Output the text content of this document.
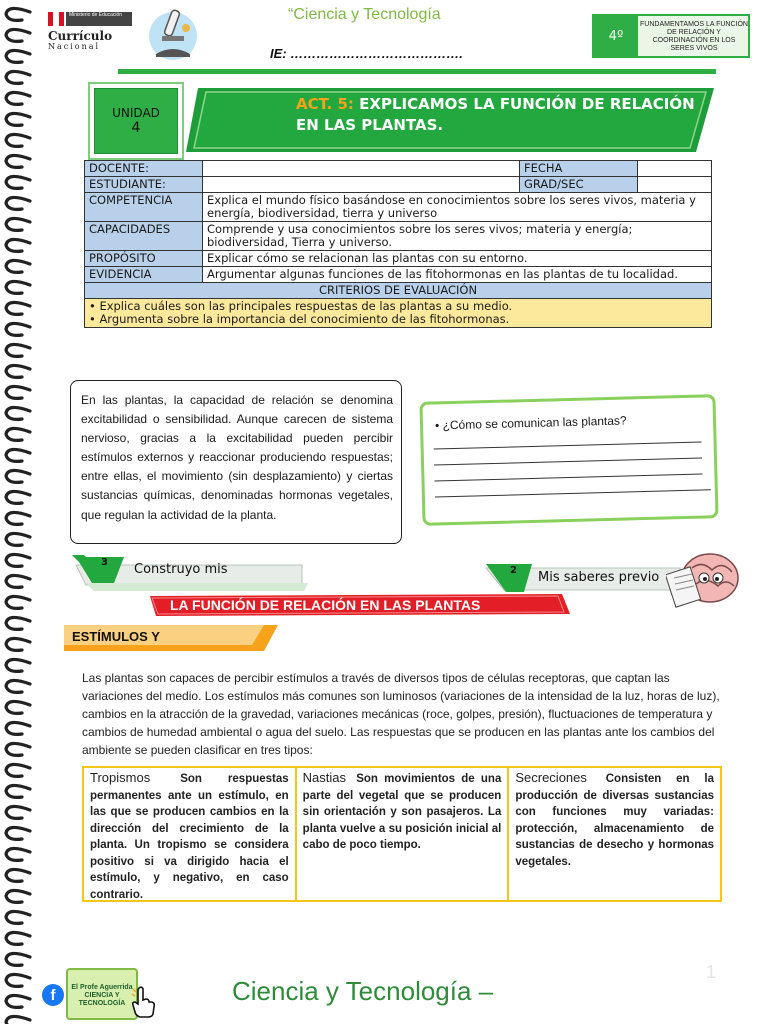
Ministerio de Educación
Currículo
Nacional
“Ciencia y Tecnología
IE: ………………………………….
4º
FUNDAMENTAMOS LA FUNCIÓN DE RELACIÓN Y COORDINACIÓN EN LOS SERES VIVOS
UNIDAD
4
ACT. 5: EXPLICAMOS LA FUNCIÓN DE RELACIÓN EN LAS PLANTAS.
DOCENTE:		FECHA	
ESTUDIANTE:		GRAD/SEC	
COMPETENCIA	Explica el mundo físico basándose en conocimientos sobre los seres vivos, materia y energía, biodiversidad, tierra y universo		
CAPACIDADES	Comprende y usa conocimientos sobre los seres vivos; materia y energía; biodiversidad, Tierra y universo.		
PROPÓSITO	Explicar cómo se relacionan las plantas con su entorno.		
EVIDENCIA	Argumentar algunas funciones de las fitohormonas en las plantas de tu localidad.		
CRITERIOS DE EVALUACIÓN			

• Explica cuáles son las principales respuestas de las plantas a su medio.
• Argumenta sobre la importancia del conocimiento de las fitohormonas.			
En las plantas, la capacidad de relación se denomina excitabilidad o sensibilidad. Aunque carecen de sistema nervioso, gracias a la excitabilidad pueden percibir estímulos externos y reaccionar produciendo respuestas; entre ellas, el movimiento (sin desplazamiento) y ciertas sustancias químicas, denominadas hormonas vegetales, que regulan la actividad de la planta.
• ¿Cómo se comunican las plantas?
3 Construyo mis	2 Mis saberes previo
LA FUNCIÓN DE RELACIÓN EN LAS PLANTAS
ESTÍMULOS Y
Las plantas son capaces de percibir estímulos a través de diversos tipos de células receptoras, que captan las variaciones del medio. Los estímulos más comunes son luminosos (variaciones de la intensidad de la luz, horas de luz), cambios en la atracción de la gravedad, variaciones mecánicas (roce, golpes, presión), fluctuaciones de temperatura y cambios de humedad ambiental o agua del suelo. Las respuestas que se producen en las plantas ante los cambios del ambiente se pueden clasificar en tres tipos:
Tropismos	Son respuestas permanentes ante un estímulo, en las que se producen cambios en la dirección del crecimiento de la planta. Un tropismo se considera positivo si va dirigido hacia el estímulo, y negativo, en caso contrario.
Nastias Son movimientos de una parte del vegetal que se producen sin orientación y son pasajeros. La planta vuelve a su posición inicial al cabo de poco tiempo.
Secreciones Consisten en la producción de diversas sustancias con funciones muy variadas: protección, almacenamiento de sustancias de desecho y hormonas vegetales.
El Profe Aguerrida
CIENCIA Y TECNOLOGÍA
f	Ciencia y Tecnología –
1
